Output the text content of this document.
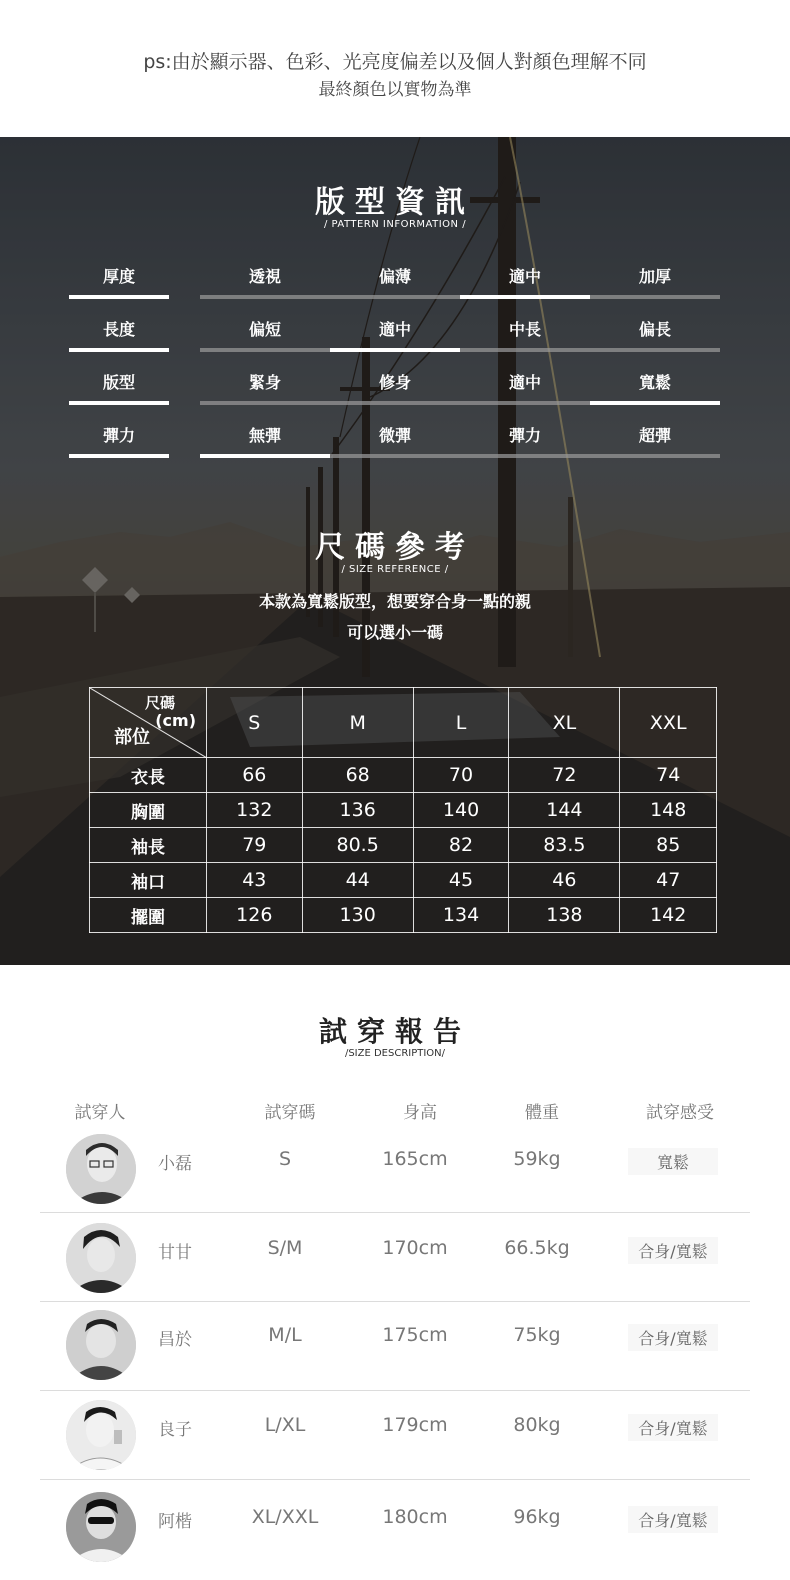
ps:由於顯示器、色彩、光亮度偏差以及個人對顏色理解不同
最終顏色以實物為準
版型資訊
/ PATTERN INFORMATION /
厚度	透視	偏薄	適中	加厚
長度	偏短	適中	中長	偏長
版型	緊身	修身	適中	寬鬆
彈力	無彈	微彈	彈力	超彈
尺碼參考
/ SIZE REFERENCE /
本款為寬鬆版型，想要穿合身一點的親
可以選小一碼
尺碼
(cm)
部位	S	M	L	XL	XXL
衣長	66	68	70	72	74
胸圍	132	136	140	144	148
袖長	79	80.5	82	83.5	85
袖口	43	44	45	46	47
擺圍	126	130	134	138	142
試穿報告
/SIZE DESCRIPTION/
試穿人	試穿碼	身高	體重	試穿感受
小磊	S	165cm	59kg	寬鬆
甘甘	S/M	170cm	66.5kg	合身/寬鬆
昌於	M/L	175cm	75kg	合身/寬鬆
良子	L/XL	179cm	80kg	合身/寬鬆
阿楷	XL/XXL	180cm	96kg	合身/寬鬆
